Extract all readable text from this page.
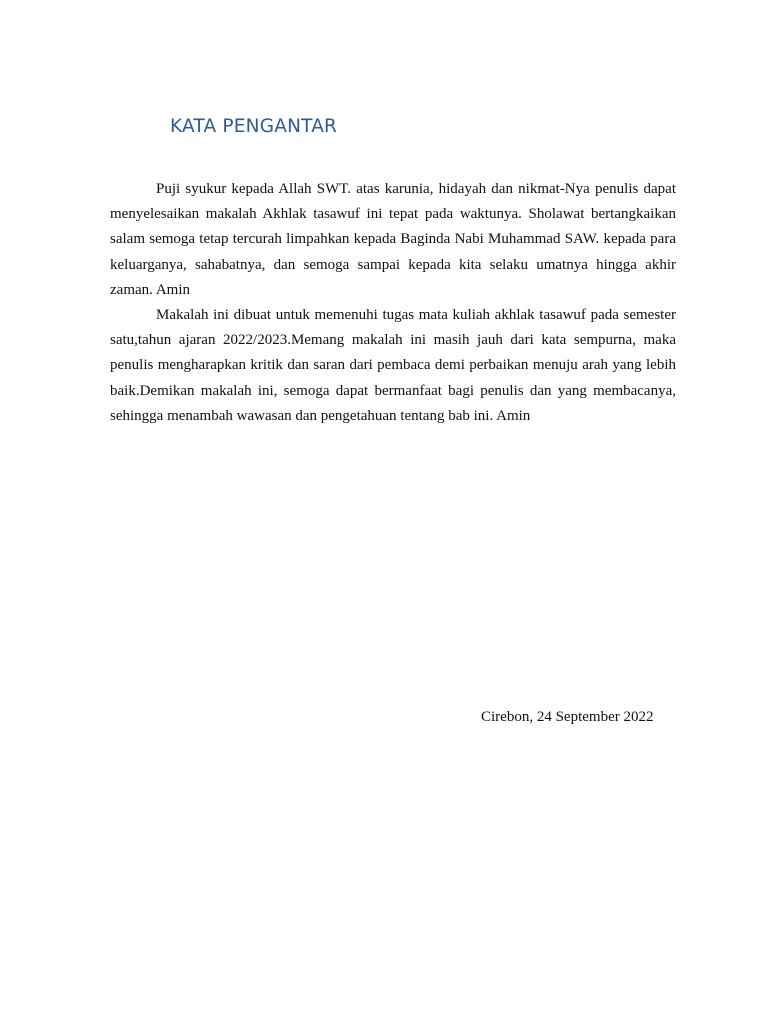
KATA PENGANTAR

Puji syukur kepada Allah SWT. atas karunia, hidayah dan nikmat-Nya penulis dapat menyelesaikan makalah Akhlak tasawuf ini tepat pada waktunya. Sholawat bertangkaikan salam semoga tetap tercurah limpahkan kepada Baginda Nabi Muhammad SAW. kepada para keluarganya, sahabatnya, dan semoga sampai kepada kita selaku umatnya hingga akhir zaman. Amin

Makalah ini dibuat untuk memenuhi tugas mata kuliah akhlak tasawuf pada semester satu,tahun ajaran 2022/2023.Memang makalah ini masih jauh dari kata sempurna, maka penulis mengharapkan kritik dan saran dari pembaca demi perbaikan menuju arah yang lebih baik.Demikan makalah ini, semoga dapat bermanfaat bagi penulis dan yang membacanya, sehingga menambah wawasan dan pengetahuan tentang bab ini. Amin

Cirebon, 24 September 2022
